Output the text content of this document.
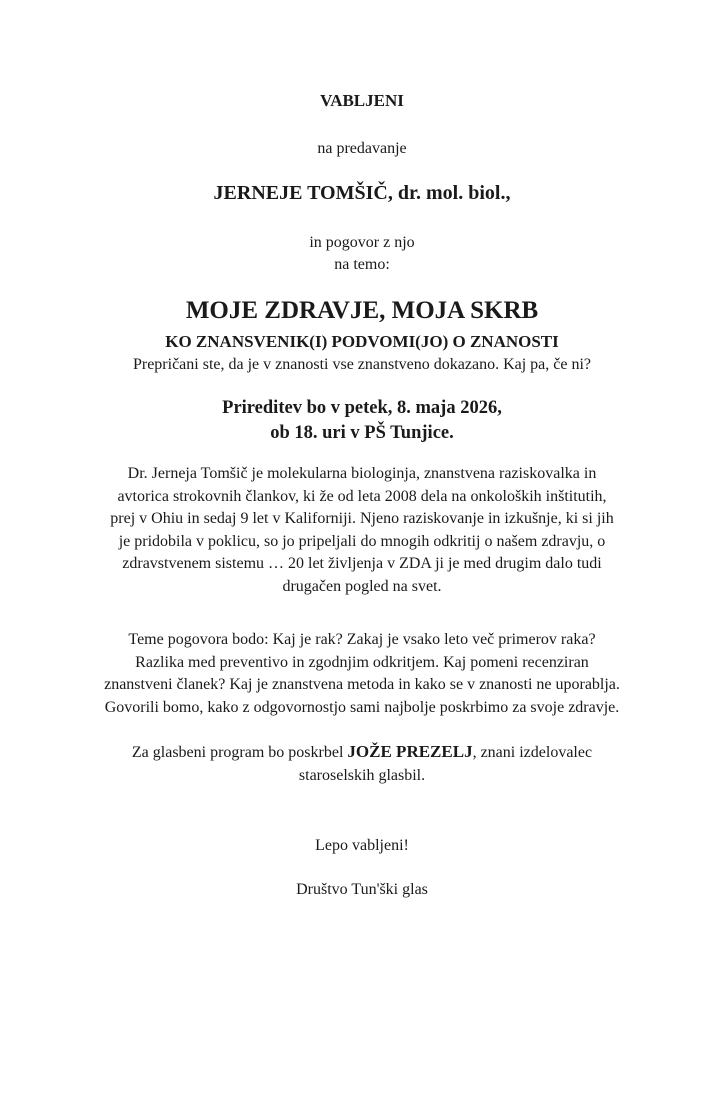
VABLJENI

na predavanje

JERNEJE TOMŠIČ, dr. mol. biol.,

in pogovor z njo

na temo:

MOJE ZDRAVJE, MOJA SKRB

KO ZNANSVENIK(I) PODVOMI(JO) O ZNANOSTI

Prepričani ste, da je v znanosti vse znanstveno dokazano. Kaj pa, če ni?

Prireditev bo v petek, 8. maja 2026,
ob 18. uri v PŠ Tunjice.

Dr. Jerneja Tomšič je molekularna biologinja, znanstvena raziskovalka in
avtorica strokovnih člankov, ki že od leta 2008 dela na onkoloških inštitutih,
prej v Ohiu in sedaj 9 let v Kaliforniji. Njeno raziskovanje in izkušnje, ki si jih
je pridobila v poklicu, so jo pripeljali do mnogih odkritij o našem zdravju, o
zdravstvenem sistemu … 20 let življenja v ZDA ji je med drugim dalo tudi
drugačen pogled na svet.

Teme pogovora bodo: Kaj je rak? Zakaj je vsako leto več primerov raka?
Razlika med preventivo in zgodnjim odkritjem. Kaj pomeni recenziran
znanstveni članek? Kaj je znanstvena metoda in kako se v znanosti ne uporablja.
Govorili bomo, kako z odgovornostjo sami najbolje poskrbimo za svoje zdravje.

Za glasbeni program bo poskrbel JOŽE PREZELJ, znani izdelovalec
staroselskih glasbil.

Lepo vabljeni!

Društvo Tun'ški glas
